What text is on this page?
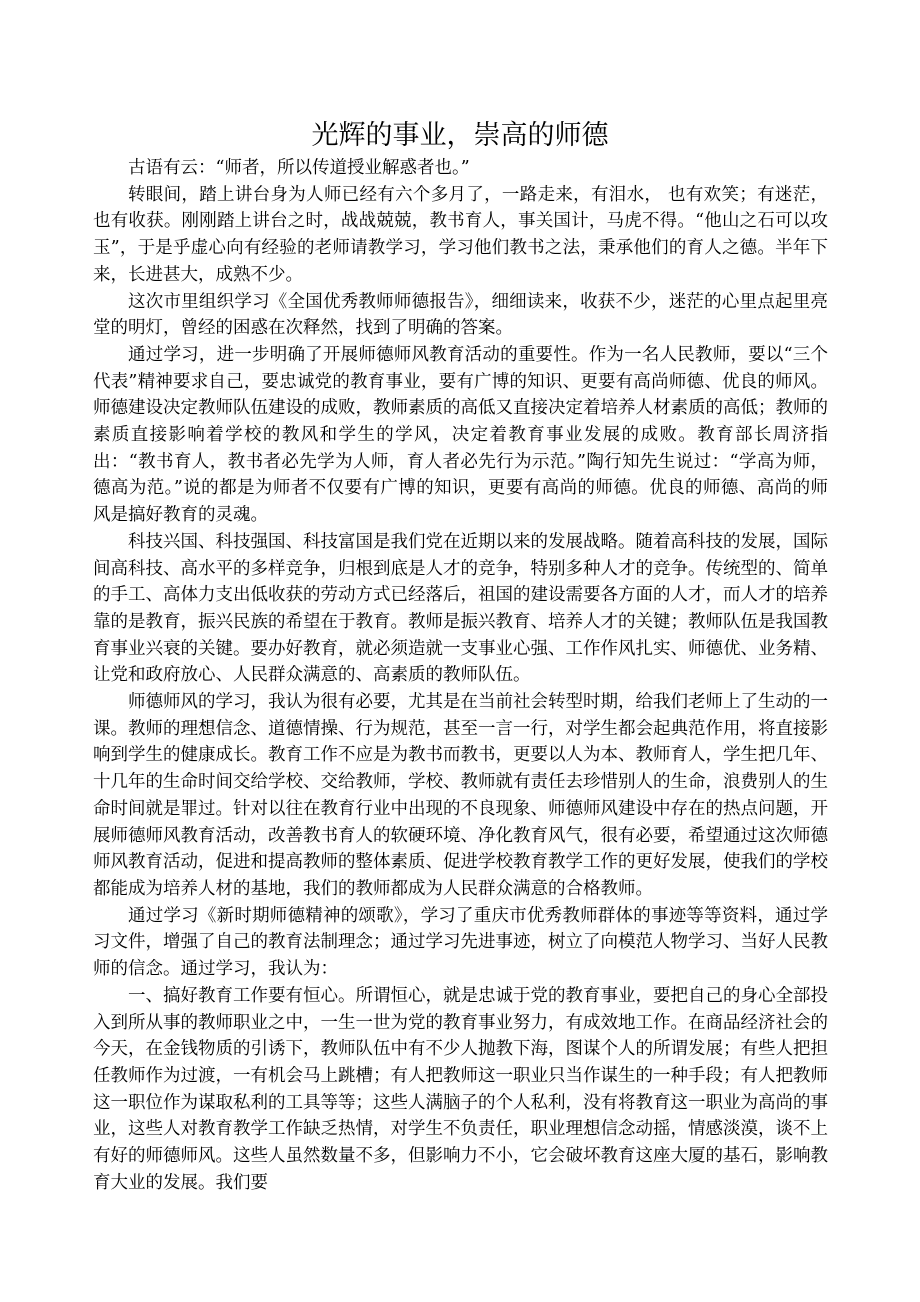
光辉的事业，崇高的师德

古语有云：“师者，所以传道授业解惑者也。”

转眼间，踏上讲台身为人师已经有六个多月了，一路走来，有泪水， 也有欢笑；有迷茫，也有收获。刚刚踏上讲台之时，战战兢兢，教书育人，事关国计，马虎不得。“他山之石可以攻玉”，于是乎虚心向有经验的老师请教学习，学习他们教书之法，秉承他们的育人之德。半年下来，长进甚大，成熟不少。

这次市里组织学习《全国优秀教师师德报告》，细细读来，收获不少，迷茫的心里点起里亮堂的明灯，曾经的困惑在次释然，找到了明确的答案。

通过学习，进一步明确了开展师德师风教育活动的重要性。作为一名人民教师，要以“三个代表”精神要求自己，要忠诚党的教育事业，要有广博的知识、更要有高尚师德、优良的师风。师德建设决定教师队伍建设的成败，教师素质的高低又直接决定着培养人材素质的高低；教师的素质直接影响着学校的教风和学生的学风，决定着教育事业发展的成败。教育部长周济指出：“教书育人，教书者必先学为人师，育人者必先行为示范。”陶行知先生说过：“学高为师，德高为范。”说的都是为师者不仅要有广博的知识，更要有高尚的师德。优良的师德、高尚的师风是搞好教育的灵魂。

科技兴国、科技强国、科技富国是我们党在近期以来的发展战略。随着高科技的发展，国际间高科技、高水平的多样竞争，归根到底是人才的竞争，特别多种人才的竞争。传统型的、简单的手工、高体力支出低收获的劳动方式已经落后，祖国的建设需要各方面的人才，而人才的培养靠的是教育，振兴民族的希望在于教育。教师是振兴教育、培养人才的关键；教师队伍是我国教育事业兴衰的关键。要办好教育，就必须造就一支事业心强、工作作风扎实、师德优、业务精、让党和政府放心、人民群众满意的、高素质的教师队伍。

师德师风的学习，我认为很有必要，尤其是在当前社会转型时期，给我们老师上了生动的一课。教师的理想信念、道德情操、行为规范，甚至一言一行，对学生都会起典范作用，将直接影响到学生的健康成长。教育工作不应是为教书而教书，更要以人为本、教师育人，学生把几年、十几年的生命时间交给学校、交给教师，学校、教师就有责任去珍惜别人的生命，浪费别人的生命时间就是罪过。针对以往在教育行业中出现的不良现象、师德师风建设中存在的热点问题，开展师德师风教育活动，改善教书育人的软硬环境、净化教育风气，很有必要，希望通过这次师德师风教育活动，促进和提高教师的整体素质、促进学校教育教学工作的更好发展，使我们的学校都能成为培养人材的基地，我们的教师都成为人民群众满意的合格教师。

通过学习《新时期师德精神的颂歌》，学习了重庆市优秀教师群体的事迹等等资料，通过学习文件，增强了自己的教育法制理念；通过学习先进事迹，树立了向模范人物学习、当好人民教师的信念。通过学习，我认为：

一、搞好教育工作要有恒心。所谓恒心，就是忠诚于党的教育事业，要把自己的身心全部投入到所从事的教师职业之中，一生一世为党的教育事业努力，有成效地工作。在商品经济社会的今天，在金钱物质的引诱下，教师队伍中有不少人抛教下海，图谋个人的所谓发展；有些人把担任教师作为过渡，一有机会马上跳槽；有人把教师这一职业只当作谋生的一种手段；有人把教师这一职位作为谋取私利的工具等等；这些人满脑子的个人私利，没有将教育这一职业为高尚的事业，这些人对教育教学工作缺乏热情，对学生不负责任，职业理想信念动摇，情感淡漠，谈不上有好的师德师风。这些人虽然数量不多，但影响力不小，它会破坏教育这座大厦的基石，影响教育大业的发展。我们要
